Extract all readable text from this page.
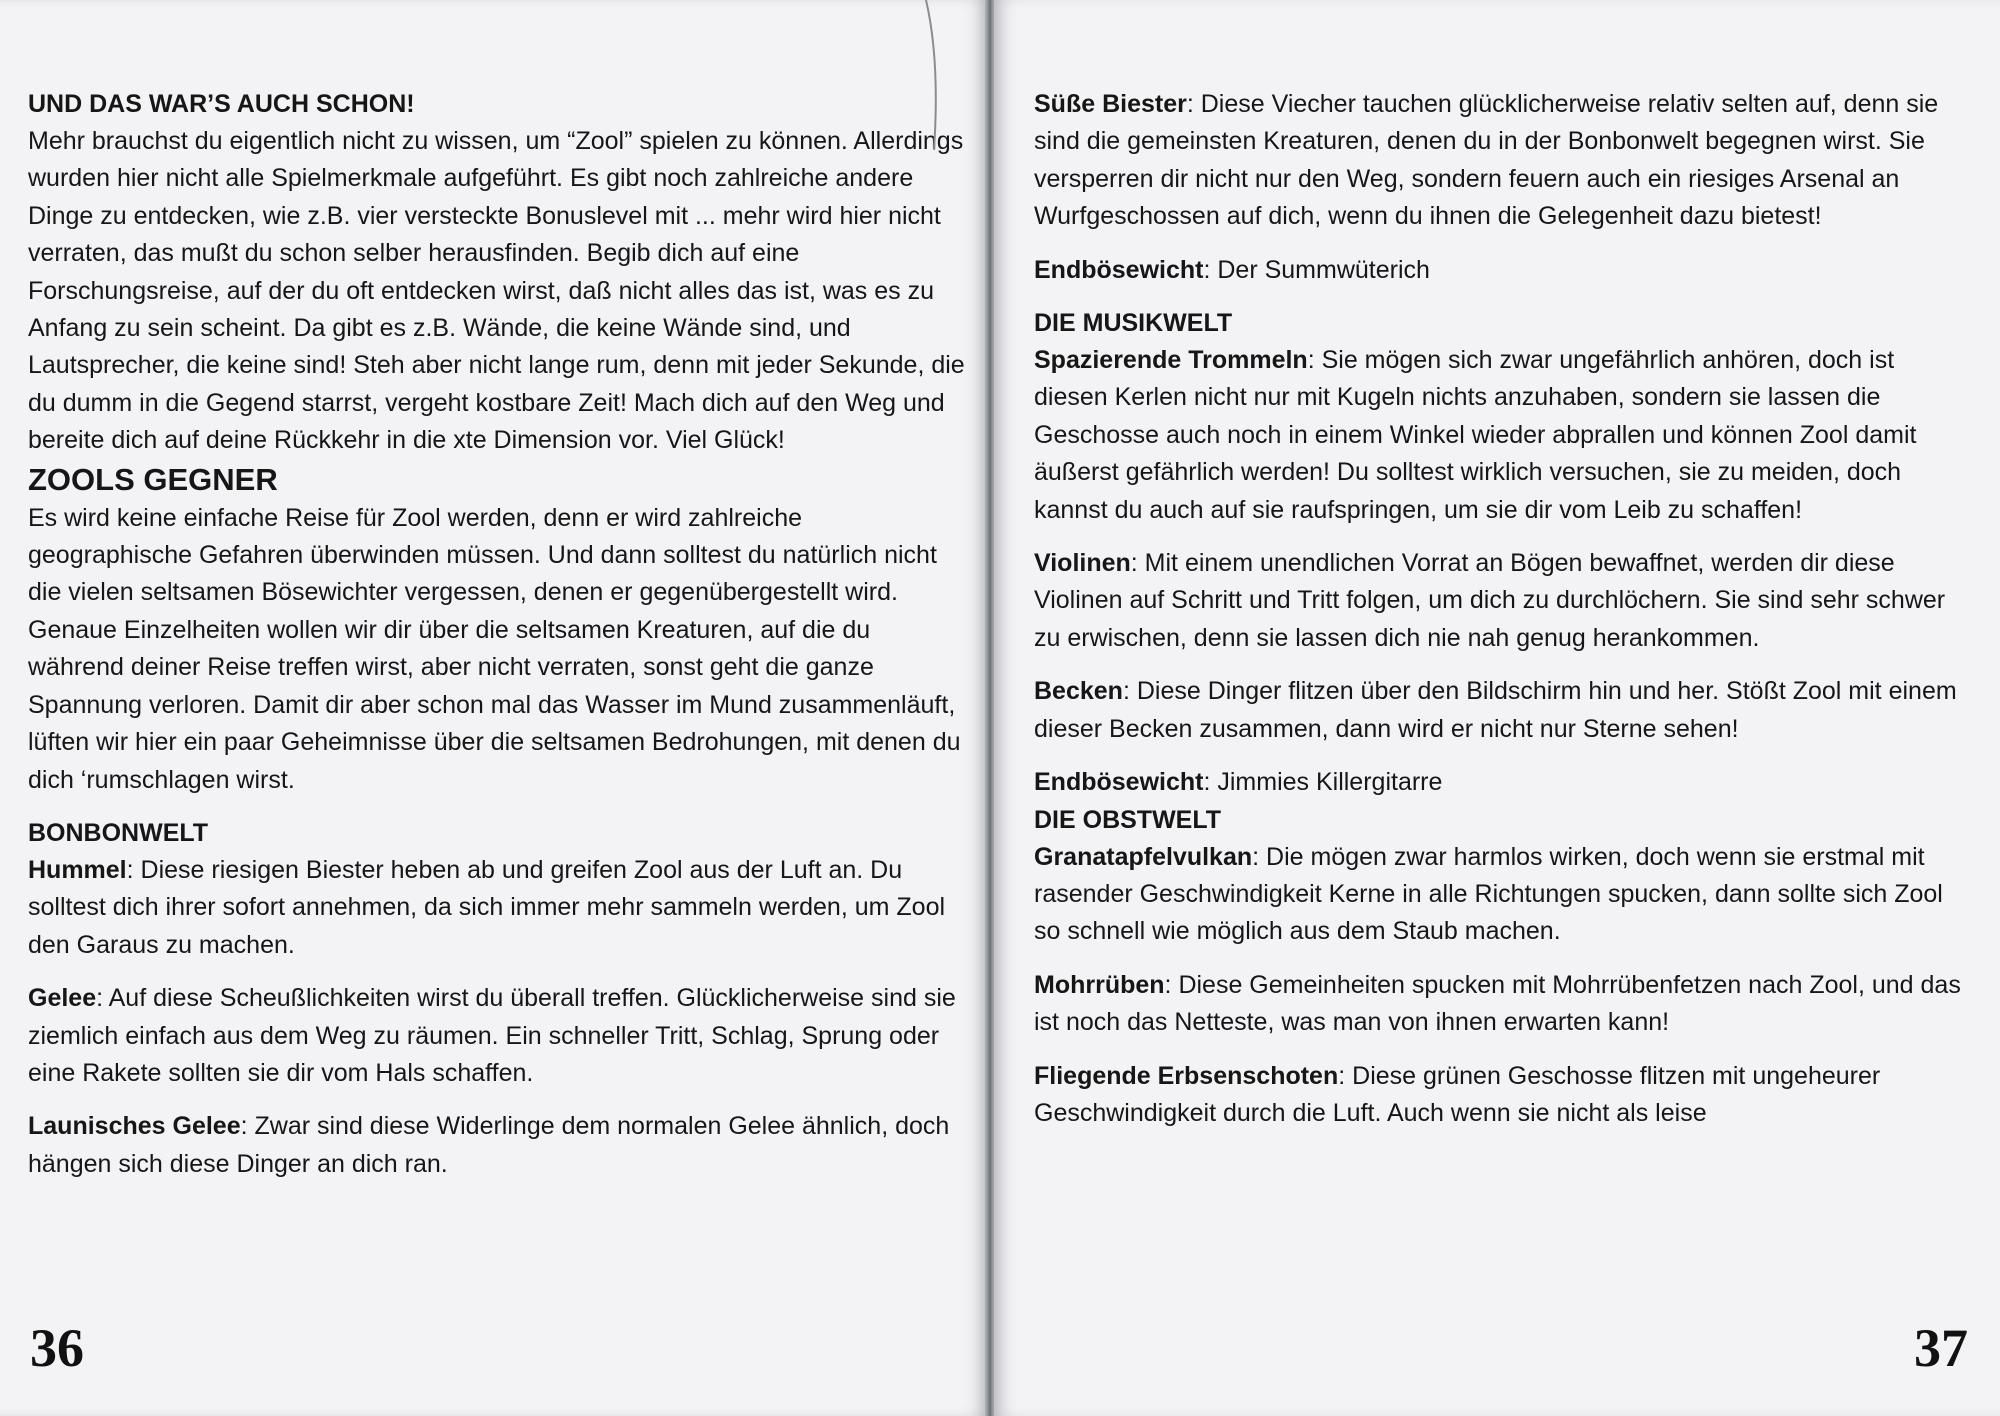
UND DAS WAR’S AUCH SCHON!

Mehr brauchst du eigentlich nicht zu wissen, um “Zool” spielen zu können. Allerdings wurden hier nicht alle Spielmerkmale aufgeführt. Es gibt noch zahlreiche andere Dinge zu entdecken, wie z.B. vier versteckte Bonuslevel mit ... mehr wird hier nicht verraten, das mußt du schon selber herausfinden. Begib dich auf eine Forschungsreise, auf der du oft entdecken wirst, daß nicht alles das ist, was es zu Anfang zu sein scheint. Da gibt es z.B. Wände, die keine Wände sind, und Lautsprecher, die keine sind! Steh aber nicht lange rum, denn mit jeder Sekunde, die du dumm in die Gegend starrst, vergeht kostbare Zeit! Mach dich auf den Weg und bereite dich auf deine Rückkehr in die xte Dimension vor. Viel Glück!

ZOOLS GEGNER

Es wird keine einfache Reise für Zool werden, denn er wird zahlreiche geographische Gefahren überwinden müssen. Und dann solltest du natürlich nicht die vielen seltsamen Bösewichter vergessen, denen er gegenübergestellt wird. Genaue Einzelheiten wollen wir dir über die seltsamen Kreaturen, auf die du während deiner Reise treffen wirst, aber nicht verraten, sonst geht die ganze Spannung verloren. Damit dir aber schon mal das Wasser im Mund zusammenläuft, lüften wir hier ein paar Geheimnisse über die seltsamen Bedrohungen, mit denen du dich ‘rumschlagen wirst.

BONBONWELT

Hummel: Diese riesigen Biester heben ab und greifen Zool aus der Luft an. Du solltest dich ihrer sofort annehmen, da sich immer mehr sammeln werden, um Zool den Garaus zu machen.

Gelee: Auf diese Scheußlichkeiten wirst du überall treffen. Glücklicherweise sind sie ziemlich einfach aus dem Weg zu räumen. Ein schneller Tritt, Schlag, Sprung oder eine Rakete sollten sie dir vom Hals schaffen.

Launisches Gelee: Zwar sind diese Widerlinge dem normalen Gelee ähnlich, doch hängen sich diese Dinger an dich ran.

36

Süße Biester: Diese Viecher tauchen glücklicherweise relativ selten auf, denn sie sind die gemeinsten Kreaturen, denen du in der Bonbonwelt begegnen wirst. Sie versperren dir nicht nur den Weg, sondern feuern auch ein riesiges Arsenal an Wurfgeschossen auf dich, wenn du ihnen die Gelegenheit dazu bietest!

Endbösewicht: Der Summwüterich

DIE MUSIKWELT

Spazierende Trommeln: Sie mögen sich zwar ungefährlich anhören, doch ist diesen Kerlen nicht nur mit Kugeln nichts anzuhaben, sondern sie lassen die Geschosse auch noch in einem Winkel wieder abprallen und können Zool damit äußerst gefährlich werden! Du solltest wirklich versuchen, sie zu meiden, doch kannst du auch auf sie raufspringen, um sie dir vom Leib zu schaffen!

Violinen: Mit einem unendlichen Vorrat an Bögen bewaffnet, werden dir diese Violinen auf Schritt und Tritt folgen, um dich zu durchlöchern. Sie sind sehr schwer zu erwischen, denn sie lassen dich nie nah genug herankommen.

Becken: Diese Dinger flitzen über den Bildschirm hin und her. Stößt Zool mit einem dieser Becken zusammen, dann wird er nicht nur Sterne sehen!

Endbösewicht: Jimmies Killergitarre

DIE OBSTWELT

Granatapfelvulkan: Die mögen zwar harmlos wirken, doch wenn sie erstmal mit rasender Geschwindigkeit Kerne in alle Richtungen spucken, dann sollte sich Zool so schnell wie möglich aus dem Staub machen.

Mohrrüben: Diese Gemeinheiten spucken mit Mohrrübenfetzen nach Zool, und das ist noch das Netteste, was man von ihnen erwarten kann!

Fliegende Erbsenschoten: Diese grünen Geschosse flitzen mit ungeheurer Geschwindigkeit durch die Luft. Auch wenn sie nicht als leise

37
